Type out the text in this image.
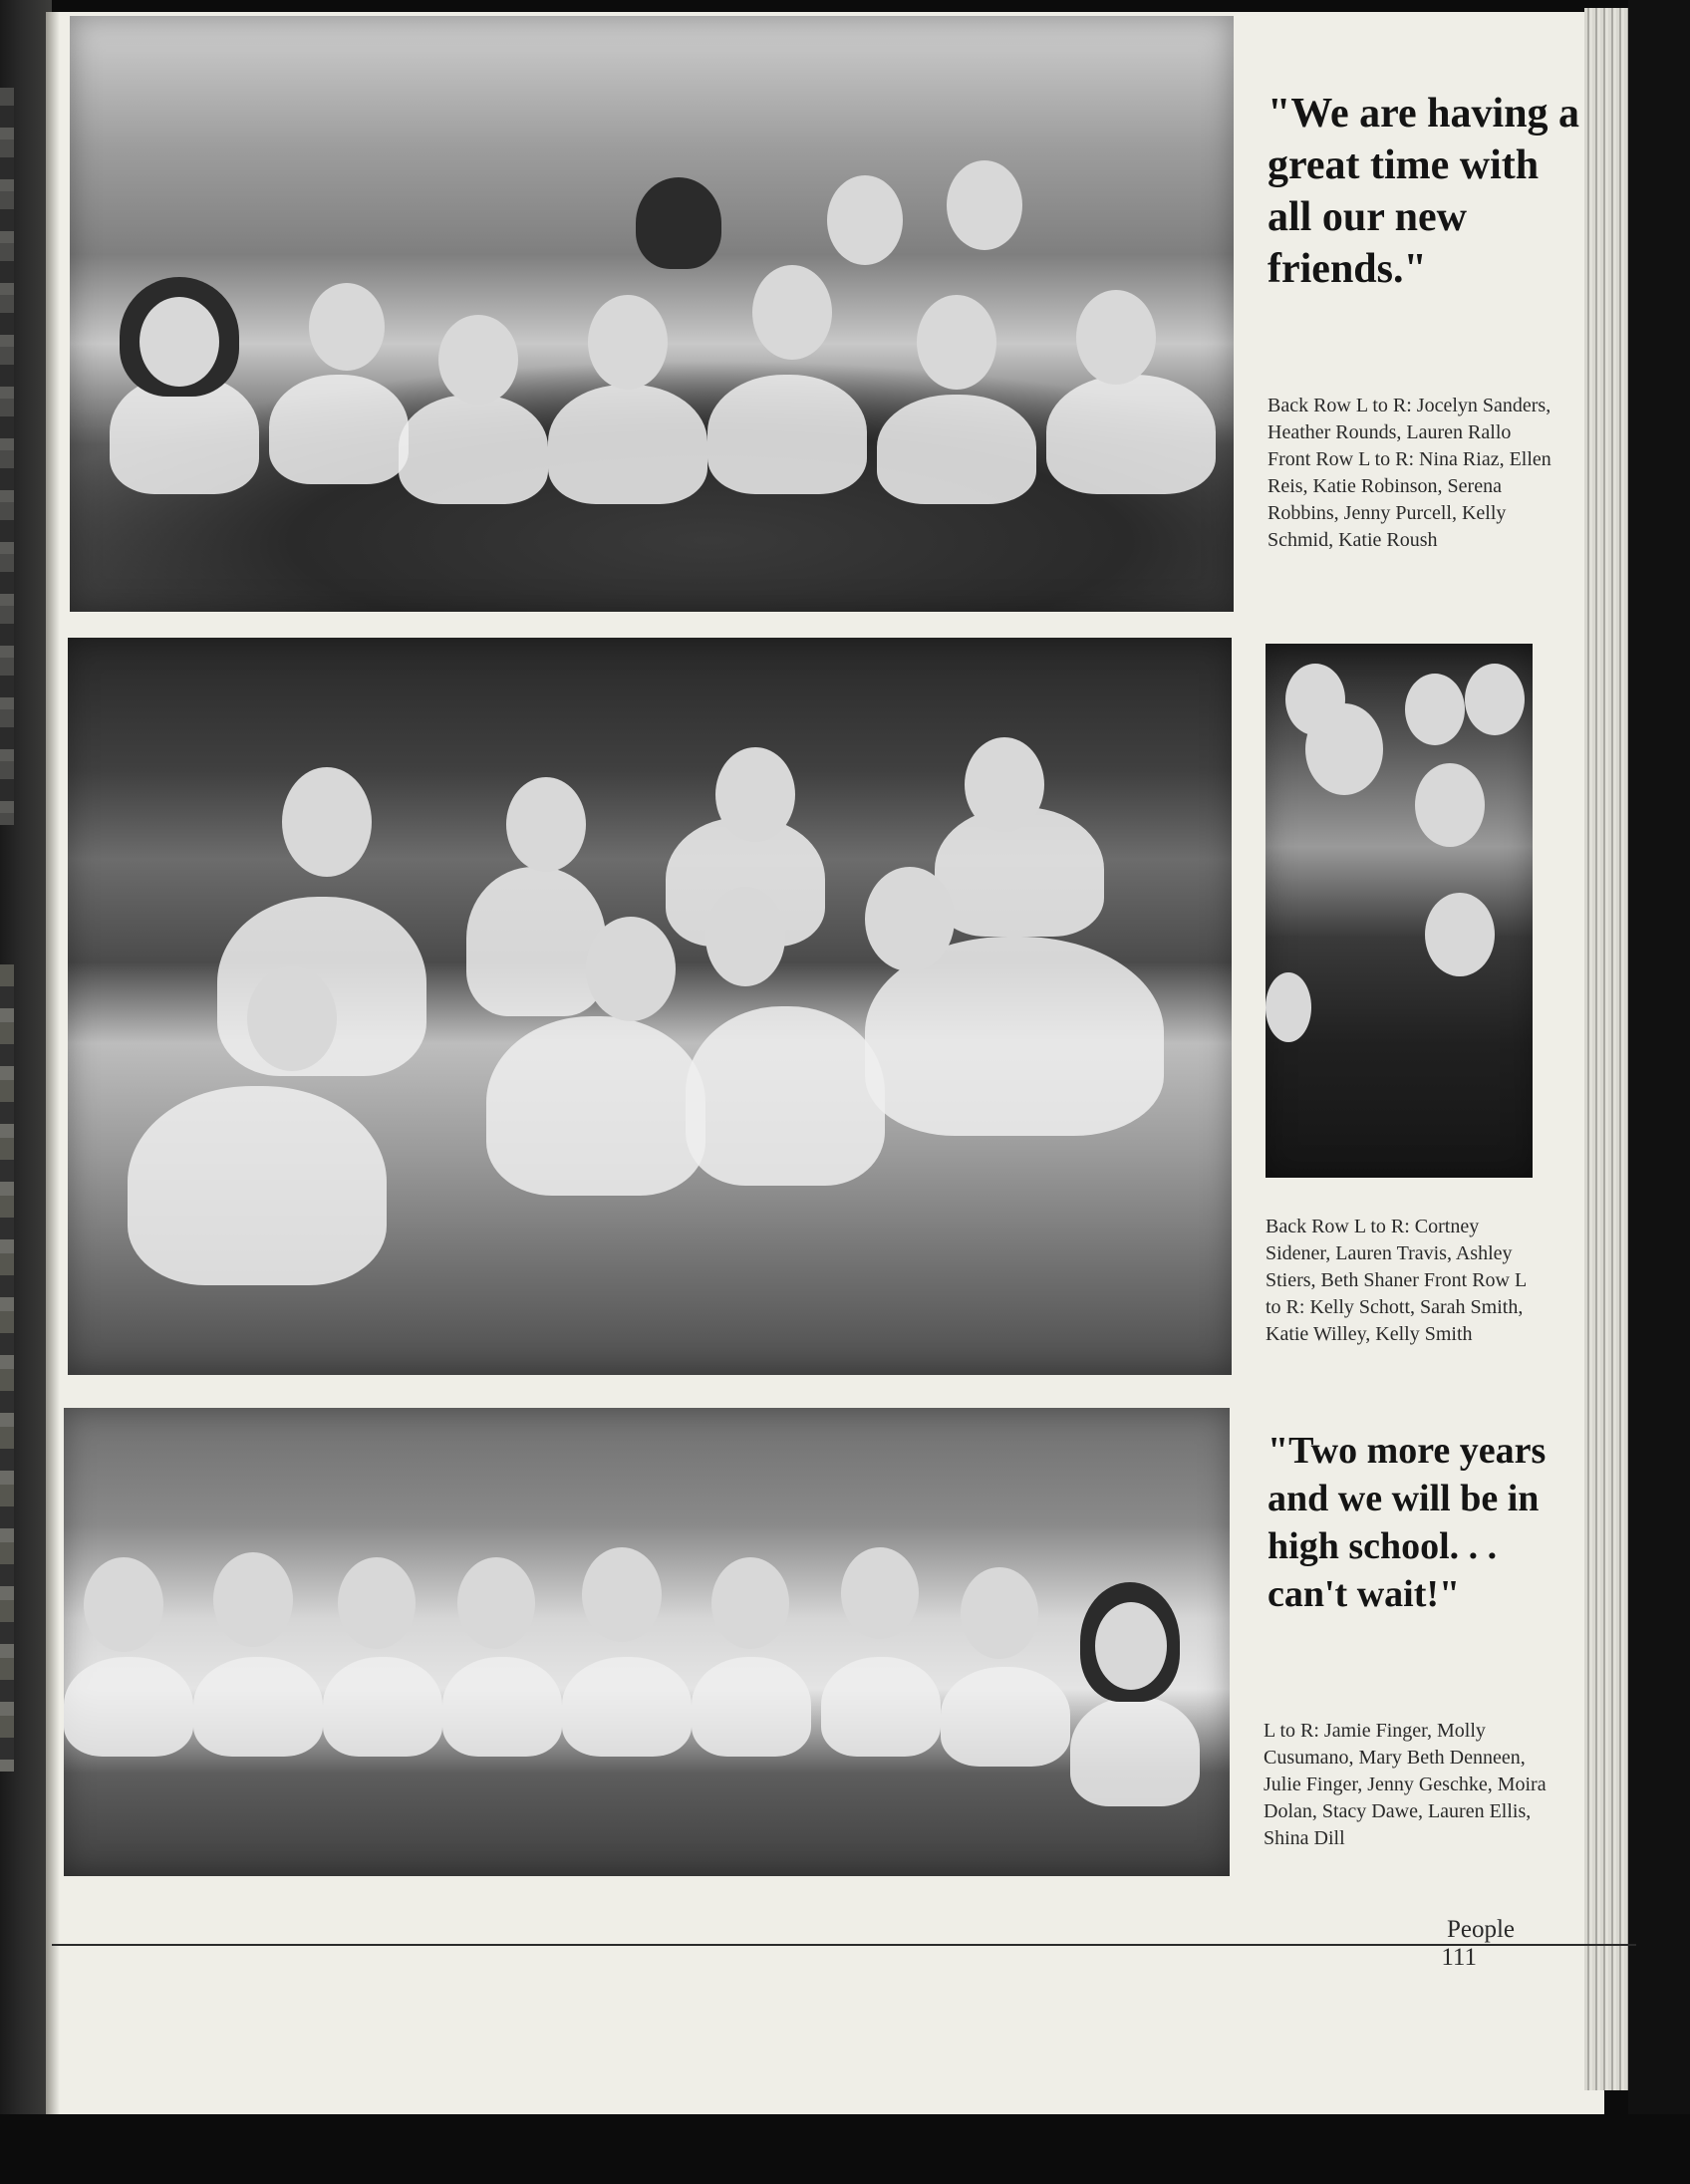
"We are having a great time with all our new friends."

Back Row L to R: Jocelyn Sanders, Heather Rounds, Lauren Rallo Front Row L to R: Nina Riaz, Ellen Reis, Katie Robinson, Serena Robbins, Jenny Purcell, Kelly Schmid, Katie Roush

Back Row L to R: Cortney Sidener, Lauren Travis, Ashley Stiers, Beth Shaner Front Row L to R: Kelly Schott, Sarah Smith, Katie Willey, Kelly Smith

"Two more years and we will be in high school. . . can't wait!"

L to R: Jamie Finger, Molly Cusumano, Mary Beth Denneen, Julie Finger, Jenny Geschke, Moira Dolan, Stacy Dawe, Lauren Ellis, Shina Dill

People
111
